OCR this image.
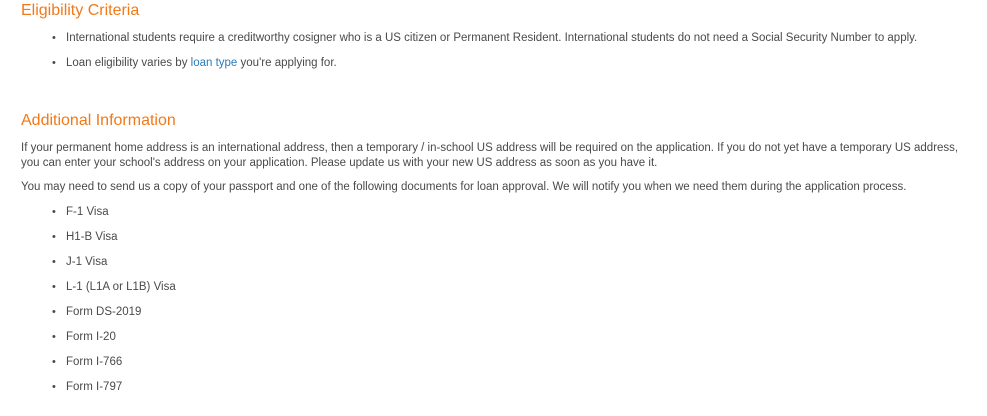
Eligibility Criteria
• International students require a creditworthy cosigner who is a US citizen or Permanent Resident. International students do not need a Social Security Number to apply.
• Loan eligibility varies by loan type you're applying for.
Additional Information

If your permanent home address is an international address, then a temporary / in-school US address will be required on the application. If you do not yet have a temporary US address, you can enter your school's address on your application. Please update us with your new US address as soon as you have it.

You may need to send us a copy of your passport and one of the following documents for loan approval. We will notify you when we need them during the application process.

• F-1 Visa
• H1-B Visa
• J-1 Visa
• L-1 (L1A or L1B) Visa
• Form DS-2019
• Form I-20
• Form I-766
• Form I-797
